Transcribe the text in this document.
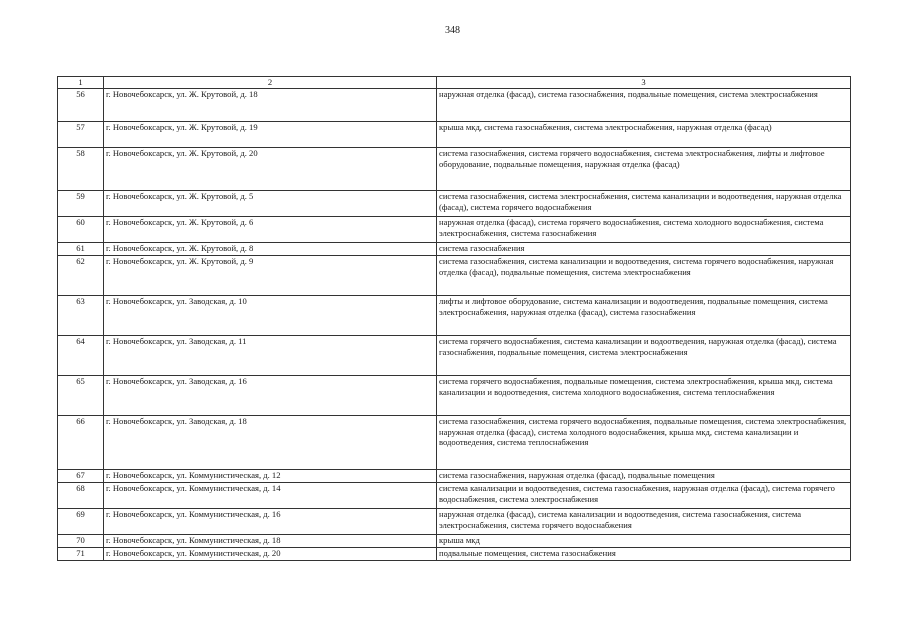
348
1	2	3
56	г. Новочебоксарск, ул. Ж. Крутовой, д. 18	наружная отделка (фасад), система газоснабжения, подвальные помещения, система электроснабжения
57	г. Новочебоксарск, ул. Ж. Крутовой, д. 19	крыша мкд, система газоснабжения, система электроснабжения, наружная отделка (фасад)
58	г. Новочебоксарск, ул. Ж. Крутовой, д. 20	система газоснабжения, система горячего водоснабжения, система электроснабжения, лифты и лифтовое оборудование, подвальные помещения, наружная отделка (фасад)
59	г. Новочебоксарск, ул. Ж. Крутовой, д. 5	система газоснабжения, система электроснабжения, система канализации и водоотведения, наружная отделка (фасад), система горячего водоснабжения
60	г. Новочебоксарск, ул. Ж. Крутовой, д. 6	наружная отделка (фасад), система горячего водоснабжения, система холодного водоснабжения, система электроснабжения, система газоснабжения
61	г. Новочебоксарск, ул. Ж. Крутовой, д. 8	система газоснабжения
62	г. Новочебоксарск, ул. Ж. Крутовой, д. 9	система газоснабжения, система канализации и водоотведения, система горячего водоснабжения, наружная отделка (фасад), подвальные помещения, система электроснабжения
63	г. Новочебоксарск, ул. Заводская, д. 10	лифты и лифтовое оборудование, система канализации и водоотведения, подвальные помещения, система электроснабжения, наружная отделка (фасад), система газоснабжения
64	г. Новочебоксарск, ул. Заводская, д. 11	система горячего водоснабжения, система канализации и водоотведения, наружная отделка (фасад), система газоснабжения, подвальные помещения, система электроснабжения
65	г. Новочебоксарск, ул. Заводская, д. 16	система горячего водоснабжения, подвальные помещения, система электроснабжения, крыша мкд, система канализации и водоотведения, система холодного водоснабжения, система теплоснабжения
66	г. Новочебоксарск, ул. Заводская, д. 18	система газоснабжения, система горячего водоснабжения, подвальные помещения, система электроснабжения, наружная отделка (фасад), система холодного водоснабжения, крыша мкд, система канализации и водоотведения, система теплоснабжения
67	г. Новочебоксарск, ул. Коммунистическая, д. 12	система газоснабжения, наружная отделка (фасад), подвальные помещения
68	г. Новочебоксарск, ул. Коммунистическая, д. 14	система канализации и водоотведения, система газоснабжения, наружная отделка (фасад), система горячего водоснабжения, система электроснабжения
69	г. Новочебоксарск, ул. Коммунистическая, д. 16	наружная отделка (фасад), система канализации и водоотведения, система газоснабжения, система электроснабжения, система горячего водоснабжения
70	г. Новочебоксарск, ул. Коммунистическая, д. 18	крыша мкд
71	г. Новочебоксарск, ул. Коммунистическая, д. 20	подвальные помещения, система газоснабжения
